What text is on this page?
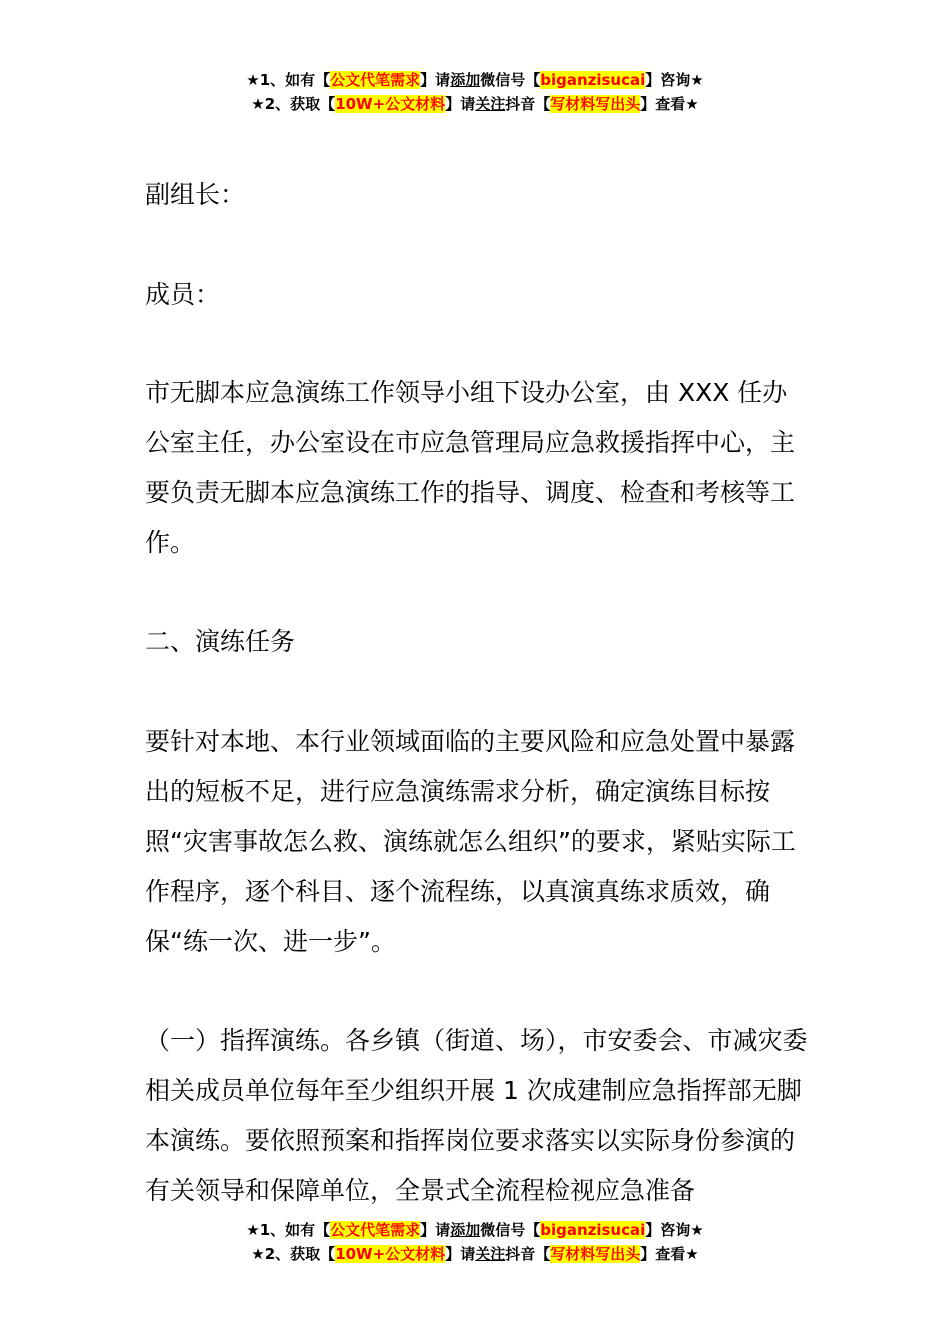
★1、如有【公文代笔需求】请添加微信号【biganzisucai】咨询★
★2、获取【10W+公文材料】请关注抖音【写材料写出头】查看★

副组长：

成员：

市无脚本应急演练工作领导小组下设办公室，由 XXX 任办公室主任，办公室设在市应急管理局应急救援指挥中心，主要负责无脚本应急演练工作的指导、调度、检查和考核等工作。

二、演练任务

要针对本地、本行业领域面临的主要风险和应急处置中暴露出的短板不足，进行应急演练需求分析，确定演练目标按照“灾害事故怎么救、演练就怎么组织”的要求，紧贴实际工作程序，逐个科目、逐个流程练，以真演真练求质效，确保“练一次、进一步”。

（一）指挥演练。各乡镇（街道、场），市安委会、市减灾委相关成员单位每年至少组织开展 1 次成建制应急指挥部无脚本演练。要依照预案和指挥岗位要求落实以实际身份参演的有关领导和保障单位，全景式全流程检视应急准备

★1、如有【公文代笔需求】请添加微信号【biganzisucai】咨询★
★2、获取【10W+公文材料】请关注抖音【写材料写出头】查看★
